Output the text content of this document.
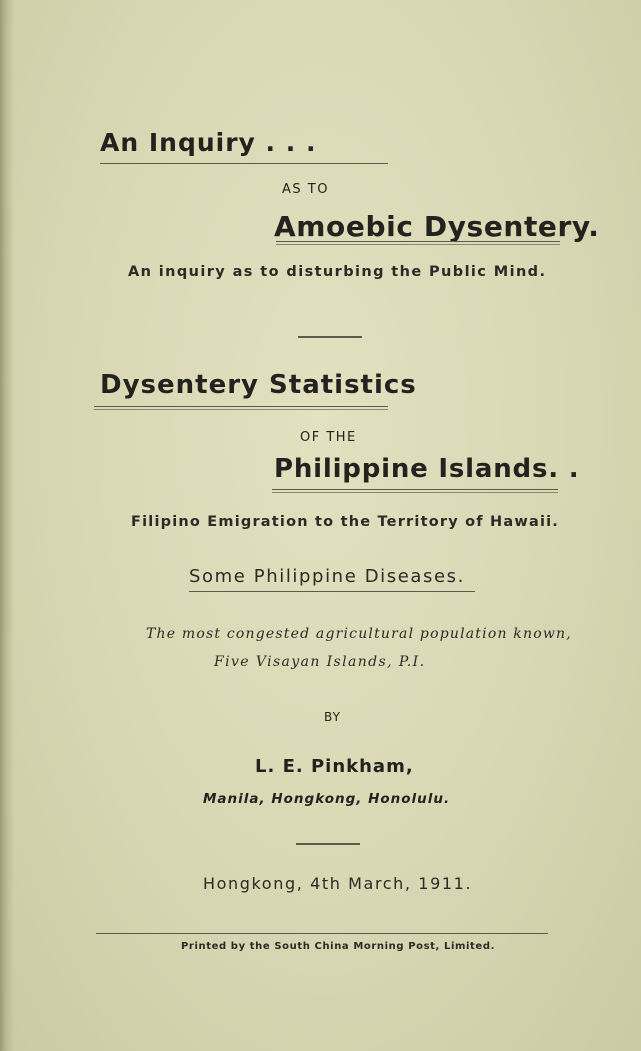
An Inquiry . . .

AS TO

Amoebic Dysentery.

An inquiry as to disturbing the Public Mind.

Dysentery Statistics

OF THE

Philippine Islands. .

Filipino Emigration to the Territory of Hawaii.

Some Philippine Diseases.

The most congested agricultural population known,

Five Visayan Islands, P.I.

BY

L. E. Pinkham,

Manila, Hongkong, Honolulu.

Hongkong, 4th March, 1911.

Printed by the South China Morning Post, Limited.
